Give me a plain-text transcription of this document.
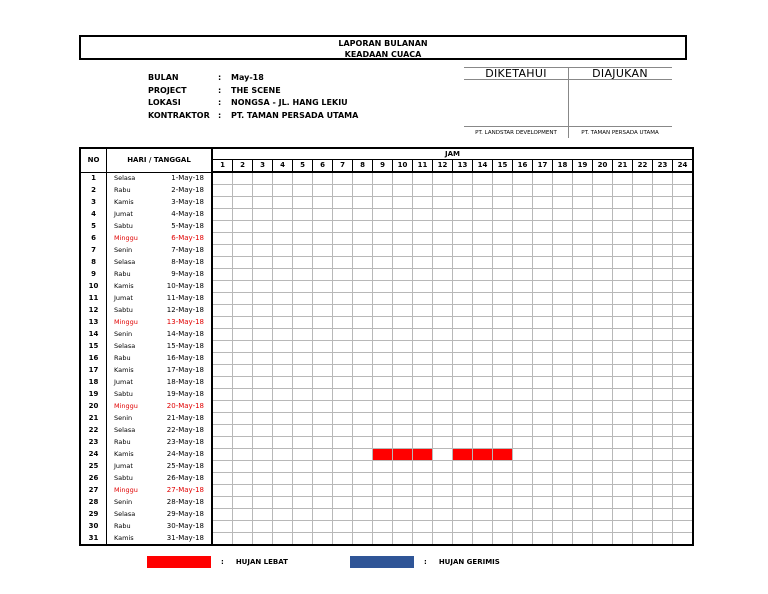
LAPORAN BULANAN
KEADAAN CUACA
BULAN	:	May-18
PROJECT	:	THE SCENE
LOKASI	:	NONGSA - JL. HANG LEKIU
KONTRAKTOR	:	PT. TAMAN PERSADA UTAMA
DIKETAHUI
PT. LANDSTAR DEVELOPMENT
DIAJUKAN
PT. TAMAN PERSADA UTAMA
NO	HARI / TANGGAL	JAM																							
		1	2	3	4	5	6	7	8	9	10	11	12	13	14	15	16	17	18	19	20	21	22	23	24
1	Selasa 1-May-18																								
2	Rabu 2-May-18																								
3	Kamis 3-May-18																								
4	Jumat 4-May-18																								
5	Sabtu 5-May-18																								
6	Minggu 6-May-18																								
7	Senin 7-May-18																								
8	Selasa 8-May-18																								
9	Rabu 9-May-18																								
10	Kamis 10-May-18																								
11	Jumat 11-May-18																								
12	Sabtu 12-May-18																								
13	Minggu 13-May-18																								
14	Senin 14-May-18																								
15	Selasa 15-May-18																								
16	Rabu 16-May-18																								
17	Kamis 17-May-18																								
18	Jumat 18-May-18																								
19	Sabtu 19-May-18																								
20	Minggu 20-May-18																								
21	Senin 21-May-18																								
22	Selasa 22-May-18																								
23	Rabu 23-May-18																								
24	Kamis 24-May-18																								
25	Jumat 25-May-18																								
26	Sabtu 26-May-18																								
27	Minggu 27-May-18																								
28	Senin 28-May-18																								
29	Selasa 29-May-18																								
30	Rabu 30-May-18																								
31	Kamis 31-May-18																								
: HUJAN LEBAT	: HUJAN GERIMIS
